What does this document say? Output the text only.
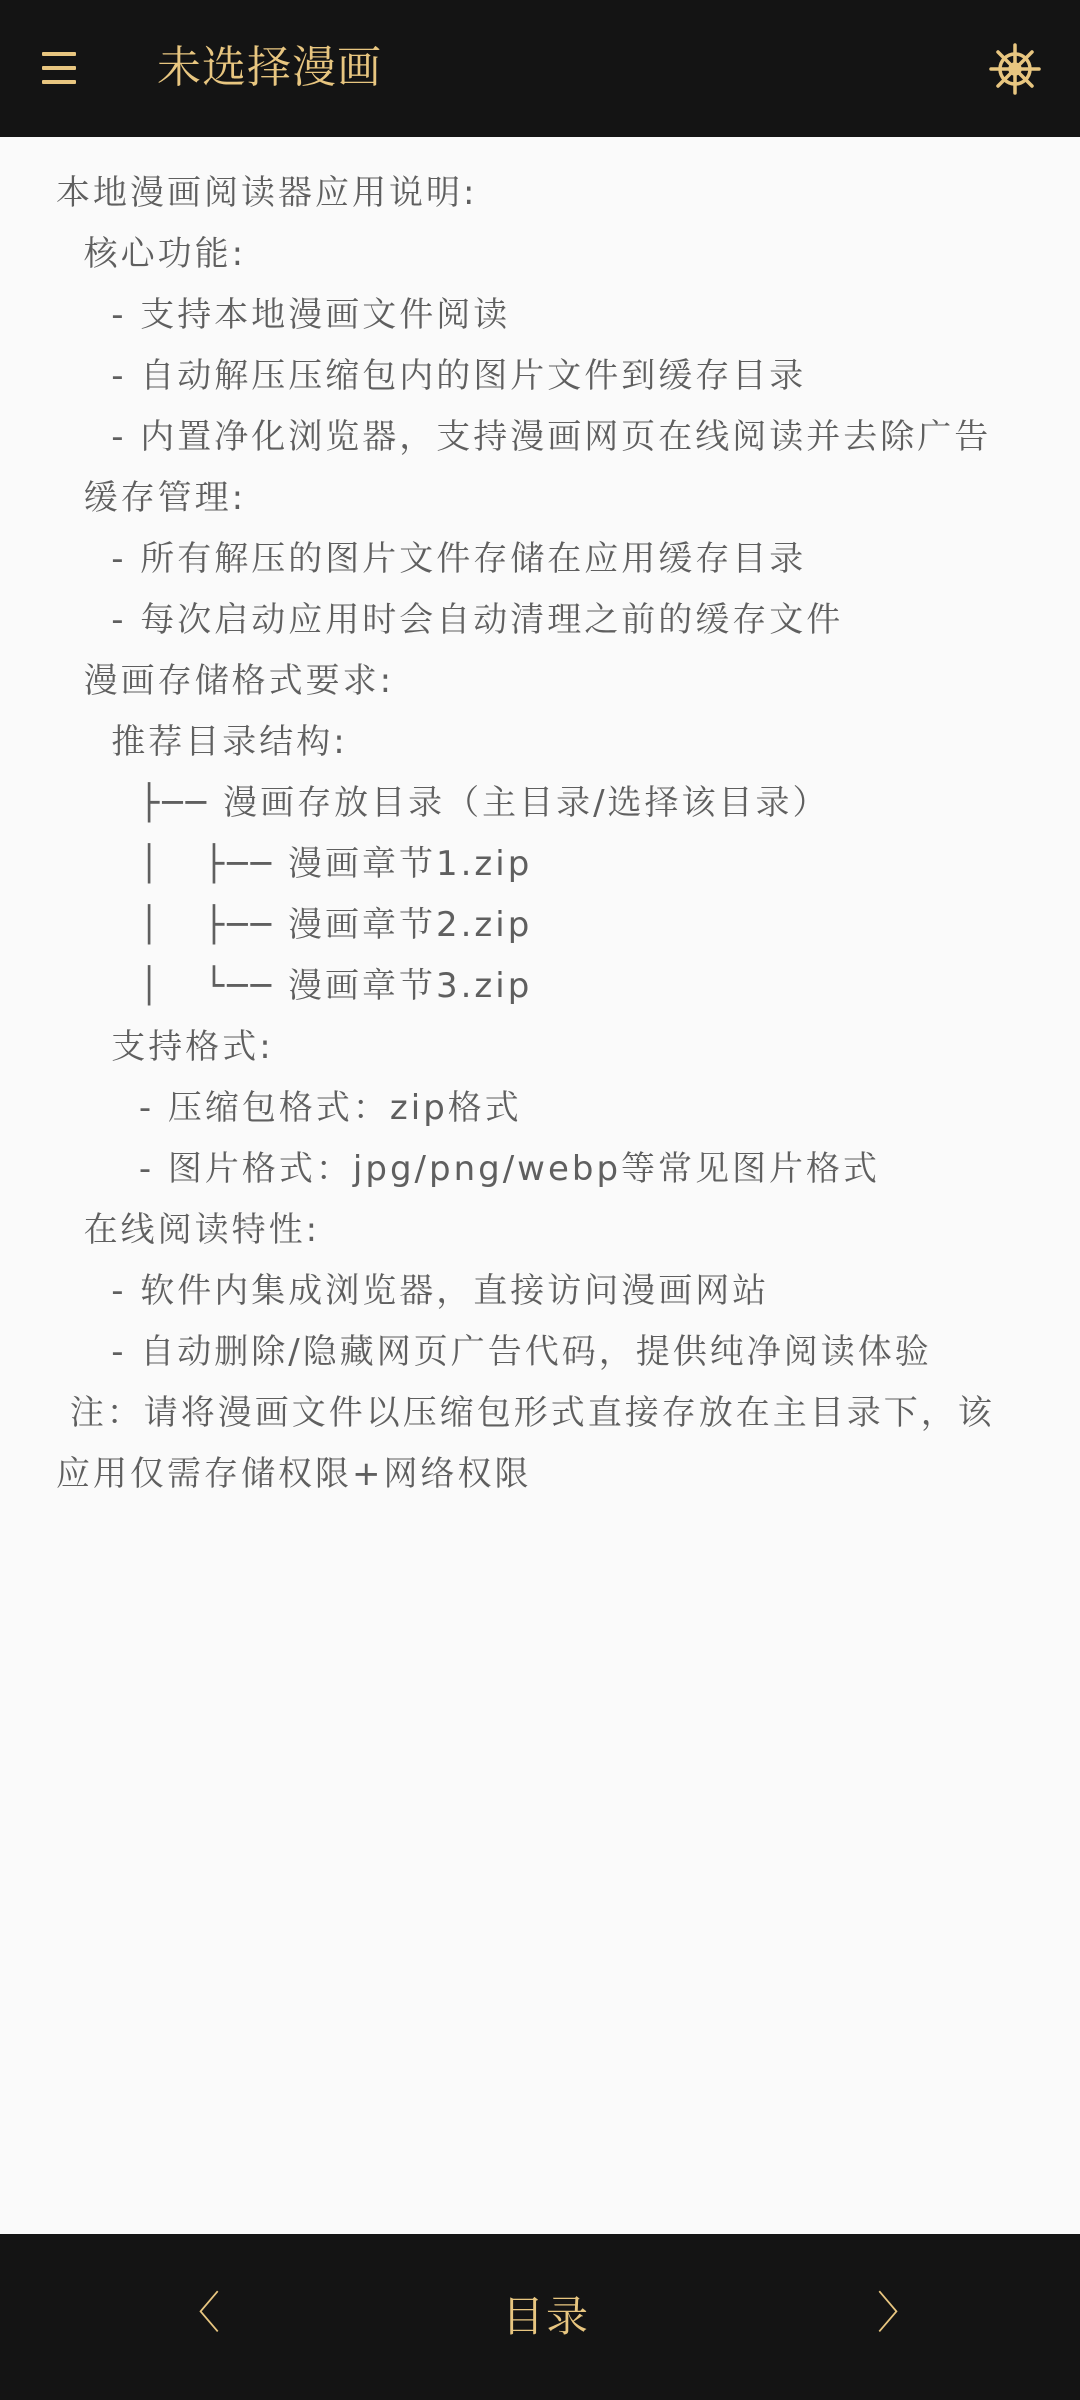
未选择漫画
本地漫画阅读器应用说明:
核心功能:
- 支持本地漫画文件阅读
- 自动解压压缩包内的图片文件到缓存目录
- 内置净化浏览器，支持漫画网页在线阅读并去除广告
缓存管理:
- 所有解压的图片文件存储在应用缓存目录
- 每次启动应用时会自动清理之前的缓存文件
漫画存储格式要求:
推荐目录结构:
├── 漫画存放目录（主目录/选择该目录）
│   ├── 漫画章节1.zip
│   ├── 漫画章节2.zip
│   └── 漫画章节3.zip
支持格式:
- 压缩包格式：zip格式
- 图片格式：jpg/png/webp等常见图片格式
在线阅读特性:
- 软件内集成浏览器，直接访问漫画网站
- 自动删除/隐藏网页广告代码，提供纯净阅读体验
注：请将漫画文件以压缩包形式直接存放在主目录下，该应用仅需存储权限+网络权限
〈	目录	〉
